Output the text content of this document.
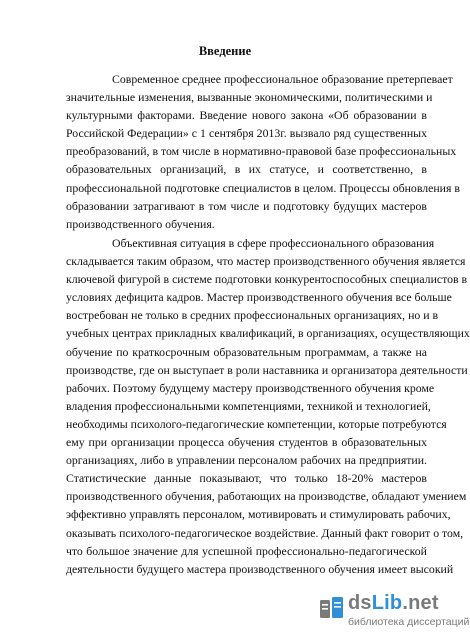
Введение
Современное среднее профессиональное образование претерпевает
значительные изменения, вызванные экономическими, политическими и
культурными факторами. Введение нового закона «Об образовании в
Российской Федерации» с 1 сентября 2013г. вызвало ряд существенных
преобразований, в том числе в нормативно-правовой базе профессиональных
образовательных организаций, в их статусе, и соответственно, в
профессиональной подготовке специалистов в целом. Процессы обновления в
образовании затрагивают в том числе и подготовку будущих мастеров
производственного обучения.
Объективная ситуация в сфере профессионального образования
складывается таким образом, что мастер производственного обучения является
ключевой фигурой в системе подготовки конкурентоспособных специалистов в
условиях дефицита кадров. Мастер производственного обучения все больше
востребован не только в средних профессиональных организациях, но и в
учебных центрах прикладных квалификаций, в организациях, осуществляющих
обучение по краткосрочным образовательным программам, а также на
производстве, где он выступает в роли наставника и организатора деятельности
рабочих. Поэтому будущему мастеру производственного обучения кроме
владения профессиональными компетенциями, техникой и технологией,
необходимы психолого-педагогические компетенции, которые потребуются
ему при организации процесса обучения студентов в образовательных
организациях, либо в управлении персоналом рабочих на предприятии.
Статистические данные показывают, что только 18-20% мастеров
производственного обучения, работающих на производстве, обладают умением
эффективно управлять персоналом, мотивировать и стимулировать рабочих,
оказывать психолого-педагогическое воздействие. Данный факт говорит о том,
что большое значение для успешной профессионально-педагогической
деятельности будущего мастера производственного обучения имеет высокий
dsLib.net
библиотека диссертаций
